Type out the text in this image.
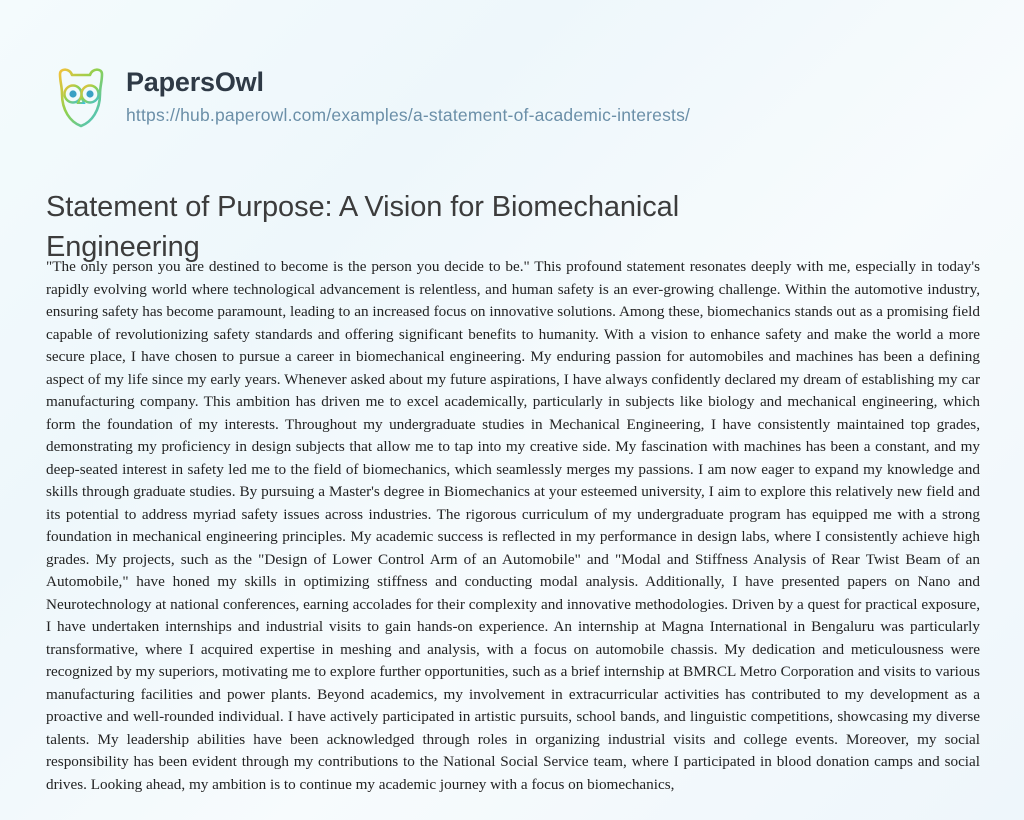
PapersOwl
https://hub.paperowl.com/examples/a-statement-of-academic-interests/
Statement of Purpose: A Vision for Biomechanical Engineering

"The only person you are destined to become is the person you decide to be." This profound statement resonates deeply with me, especially in today's rapidly evolving world where technological advancement is relentless, and human safety is an ever-growing challenge. Within the automotive industry, ensuring safety has become paramount, leading to an increased focus on innovative solutions. Among these, biomechanics stands out as a promising field capable of revolutionizing safety standards and offering significant benefits to humanity. With a vision to enhance safety and make the world a more secure place, I have chosen to pursue a career in biomechanical engineering. My enduring passion for automobiles and machines has been a defining aspect of my life since my early years. Whenever asked about my future aspirations, I have always confidently declared my dream of establishing my car manufacturing company. This ambition has driven me to excel academically, particularly in subjects like biology and mechanical engineering, which form the foundation of my interests. Throughout my undergraduate studies in Mechanical Engineering, I have consistently maintained top grades, demonstrating my proficiency in design subjects that allow me to tap into my creative side. My fascination with machines has been a constant, and my deep-seated interest in safety led me to the field of biomechanics, which seamlessly merges my passions. I am now eager to expand my knowledge and skills through graduate studies. By pursuing a Master's degree in Biomechanics at your esteemed university, I aim to explore this relatively new field and its potential to address myriad safety issues across industries. The rigorous curriculum of my undergraduate program has equipped me with a strong foundation in mechanical engineering principles. My academic success is reflected in my performance in design labs, where I consistently achieve high grades. My projects, such as the "Design of Lower Control Arm of an Automobile" and "Modal and Stiffness Analysis of Rear Twist Beam of an Automobile," have honed my skills in optimizing stiffness and conducting modal analysis. Additionally, I have presented papers on Nano and Neurotechnology at national conferences, earning accolades for their complexity and innovative methodologies. Driven by a quest for practical exposure, I have undertaken internships and industrial visits to gain hands-on experience. An internship at Magna International in Bengaluru was particularly transformative, where I acquired expertise in meshing and analysis, with a focus on automobile chassis. My dedication and meticulousness were recognized by my superiors, motivating me to explore further opportunities, such as a brief internship at BMRCL Metro Corporation and visits to various manufacturing facilities and power plants. Beyond academics, my involvement in extracurricular activities has contributed to my development as a proactive and well-rounded individual. I have actively participated in artistic pursuits, school bands, and linguistic competitions, showcasing my diverse talents. My leadership abilities have been acknowledged through roles in organizing industrial visits and college events. Moreover, my social responsibility has been evident through my contributions to the National Social Service team, where I participated in blood donation camps and social drives. Looking ahead, my ambition is to continue my academic journey with a focus on biomechanics,
